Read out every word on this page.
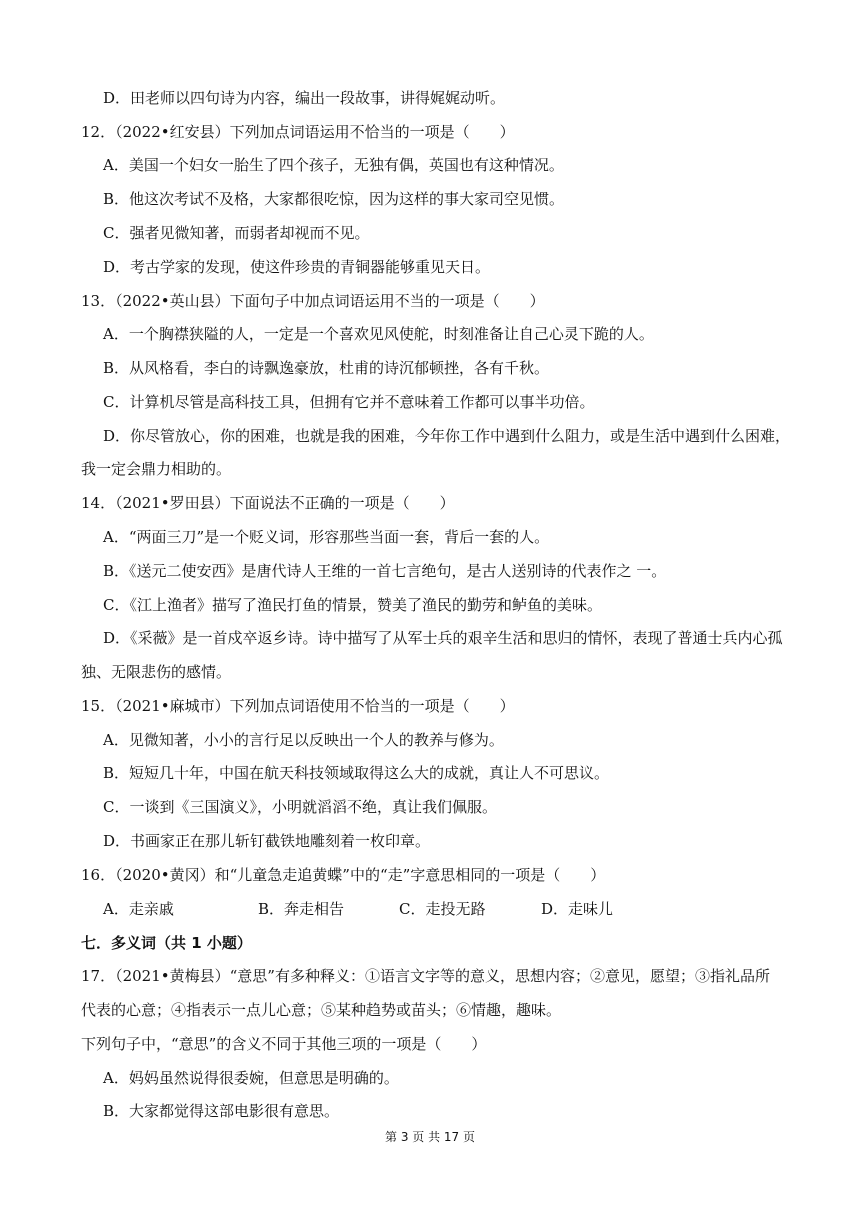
D．田老师以四句诗为内容，编出一段故事，讲得娓娓动听。
12．（2022•红安县）下列加点词语运用不恰当的一项是（　　）
A．美国一个妇女一胎生了四个孩子，无独有偶，英国也有这种情况。
B．他这次考试不及格，大家都很吃惊，因为这样的事大家司空见惯。
C．强者见微知著，而弱者却视而不见。
D．考古学家的发现，使这件珍贵的青铜器能够重见天日。
13．（2022•英山县）下面句子中加点词语运用不当的一项是（　　）
A．一个胸襟狭隘的人，一定是一个喜欢见风使舵，时刻准备让自己心灵下跪的人。
B．从风格看，李白的诗飘逸豪放，杜甫的诗沉郁顿挫，各有千秋。
C．计算机尽管是高科技工具，但拥有它并不意味着工作都可以事半功倍。
D．你尽管放心，你的困难，也就是我的困难，今年你工作中遇到什么阻力，或是生活中遇到什么困难，
我一定会鼎力相助的。
14．（2021•罗田县）下面说法不正确的一项是（　　）
A．“两面三刀”是一个贬义词，形容那些当面一套，背后一套的人。
B．《送元二使安西》是唐代诗人王维的一首七言绝句，是古人送别诗的代表作之 一。
C．《江上渔者》描写了渔民打鱼的情景，赞美了渔民的勤劳和鲈鱼的美味。
D．《采薇》是一首戍卒返乡诗。诗中描写了从军士兵的艰辛生活和思归的情怀，表现了普通士兵内心孤
独、无限悲伤的感情。
15．（2021•麻城市）下列加点词语使用不恰当的一项是（　　）
A．见微知著，小小的言行足以反映出一个人的教养与修为。
B．短短几十年，中国在航天科技领域取得这么大的成就，真让人不可思议。
C．一谈到《三国演义》，小明就滔滔不绝，真让我们佩服。
D．书画家正在那儿斩钉截铁地雕刻着一枚印章。
16．（2020•黄冈）和“儿童急走追黄蝶”中的“走”字意思相同的一项是（　　）
七．多义词（共 1 小题）
17．（2021•黄梅县）“意思”有多种释义：①语言文字等的意义，思想内容；②意见，愿望；③指礼品所
代表的心意；④指表示一点儿心意；⑤某种趋势或苗头；⑥情趣，趣味。
下列句子中，“意思”的含义不同于其他三项的一项是（　　）
A．妈妈虽然说得很委婉，但意思是明确的。
B．大家都觉得这部电影很有意思。
A．走亲戚	B．奔走相告	C．走投无路	D．走味儿
第 3 页 共 17 页
